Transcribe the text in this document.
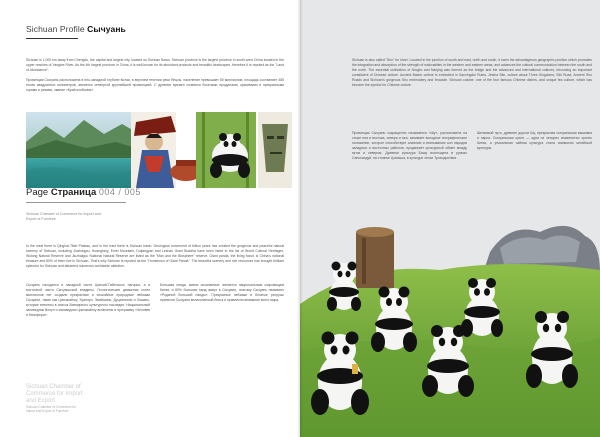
Sichuan Profile Сычуань
Sichuan is 1,000 km away from Chengdu, the capital and largest city, located on Sichuan Basin. Sichuan province is the largest province in south-west China located in the upper reaches of Yangtze River. As the 4th largest province in China, it is well-known for its abundant products and beautiful landscapes, therefore it is reputed as the "Land of Abundance".
Провинция Сычуань расположена в юго-западной глубине Китая, в верхнем течении реки Янцзы, население превышает 80 миллионов, площадь составляет 485 тысяч квадратных километров, является четвертой крупнейшей провинцией. С древних времен славится богатыми продуктами, красивыми и прекрасными горами и реками, звание «Край изобилия».
Page Страница 004 / 005
Sichuan Chamber of Commerce for Import and Export of Furniture
In the west there is Qinghai-Tibet Plateau, and in the east there is Sichuan basin. Geological movement of billion years has created the gorgeous and peaceful natural scenery of Sichuan, including Jiuzhaigou, Huanglong, Emei Mountain, Dujiangyan and Leshan Giant Buddha have been listed in the list of World Cultural Heritages. Wolong Natural Reserve and Jiuzhaigou National Natural Reserve are listed as the "Man and the Biosphere" reserve. Giant panda, the living fossil, is China's national treasure and 80% of them live in Sichuan. That's why Sichuan is reputed as the "Hometown of Giant Panda". The beautiful scenery and rich resources has brought brilliant splendor for Sichuan and attracted numerous worldwide attention.
Сычуань находится в западной части Цинхай-Тибетского нагорья, а в восточной части Сычуаньской впадины. Геологические движения сотен миллионов лет создали прекрасные и спокойные природные пейзажи Сычуани, такие как Цзючжайгоу, Хуанлун, Эмэйшань, Дуцзянъянь и Лэшань, которые внесены в список Всемирного культурного наследия. Национальный заповедник Волун и заповедник Цзючжайгоу включены в программу «Человек и биосфера».
Большая панда, живое ископаемое, является национальным сокровищем Китая, и 80% больших панд живут в Сычуани, поэтому Сычуань называют «Родиной большой панды». Прекрасные пейзажи и богатые ресурсы принесли Сычуани великолепный блеск и привлекли внимание всего мира.
Sichuan Chamber of Commerce for Import and Export
Sichuan Chamber of Commerce for Import and Export of Furniture
Sichuan is also called "Shu" for short. Located in the junction of south and east, north and south, it owns the advantageous geographic position which promotes the integration and absorption of the strength of nationalities in the western and eastern areas, and advances the cultural communication between the south and the north. The essential civilization of Ningbo and Nanjing was formed as the bridge and the advanced and international cultures, becoming an important constituent of Chinese culture. Ancient Bashu culture is embodied in Sanxingdui Ruins, Jinsha Site, culture about Three Kingdoms, Silk Road, Ancient Shu Roads and Sichuan's gorgeous Shu embroidery and brocade. Sichuan cuisine, one of the four famous Chinese dishes, and unique tea culture, which has become the symbol for Chinese culture.
Провинция Сычуань сокращенно называется «Шу», расположена на стыке юга и востока, севера и юга, занимает выгодное географическое положение, которое способствует слиянию и впитыванию сил народов западных и восточных районов, продвигает культурный обмен между югом и севером. Древняя культура Башу воплощена в руинах Саньсиндуй, на стоянке Цзиньша, в культуре эпохи Троецарствия.
Шелковый путь, древние дороги Шу, прекрасная сычуаньская вышивка и парча. Сычуаньская кухня — одна из четырех знаменитых кухонь Китая, а уникальная чайная культура стала символом китайской культуры.
